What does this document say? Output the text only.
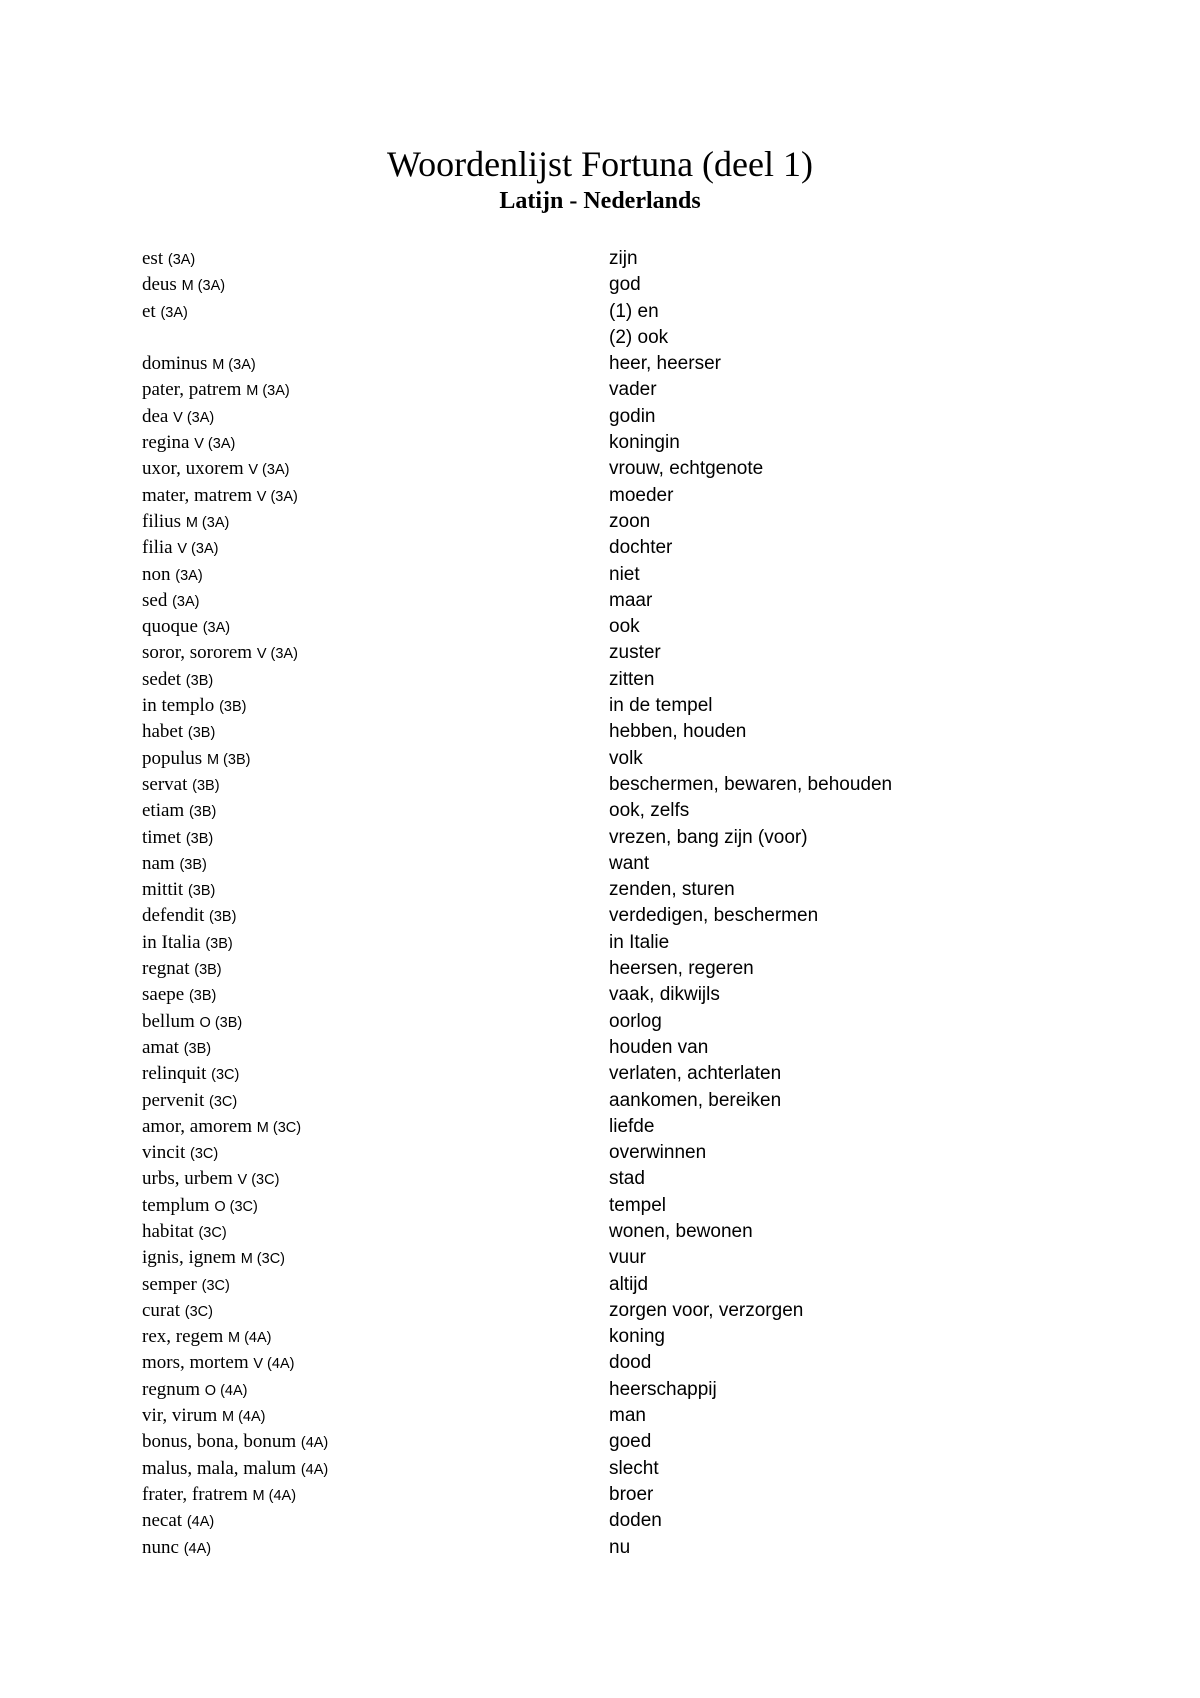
Woordenlijst Fortuna (deel 1)
Latijn - Nederlands
est (3A)	zijn
deus M (3A)	god
et (3A)	(1) en
(2) ook
dominus M (3A)	heer, heerser
pater, patrem M (3A)	vader
dea V (3A)	godin
regina V (3A)	koningin
uxor, uxorem V (3A)	vrouw, echtgenote
mater, matrem V (3A)	moeder
filius M (3A)	zoon
filia V (3A)	dochter
non (3A)	niet
sed (3A)	maar
quoque (3A)	ook
soror, sororem V (3A)	zuster
sedet (3B)	zitten
in templo (3B)	in de tempel
habet (3B)	hebben, houden
populus M (3B)	volk
servat (3B)	beschermen, bewaren, behouden
etiam (3B)	ook, zelfs
timet (3B)	vrezen, bang zijn (voor)
nam (3B)	want
mittit (3B)	zenden, sturen
defendit (3B)	verdedigen, beschermen
in Italia (3B)	in Italie
regnat (3B)	heersen, regeren
saepe (3B)	vaak, dikwijls
bellum O (3B)	oorlog
amat (3B)	houden van
relinquit (3C)	verlaten, achterlaten
pervenit (3C)	aankomen, bereiken
amor, amorem M (3C)	liefde
vincit (3C)	overwinnen
urbs, urbem V (3C)	stad
templum O (3C)	tempel
habitat (3C)	wonen, bewonen
ignis, ignem M (3C)	vuur
semper (3C)	altijd
curat (3C)	zorgen voor, verzorgen
rex, regem M (4A)	koning
mors, mortem V (4A)	dood
regnum O (4A)	heerschappij
vir, virum M (4A)	man
bonus, bona, bonum (4A)	goed
malus, mala, malum (4A)	slecht
frater, fratrem M (4A)	broer
necat (4A)	doden
nunc (4A)	nu
